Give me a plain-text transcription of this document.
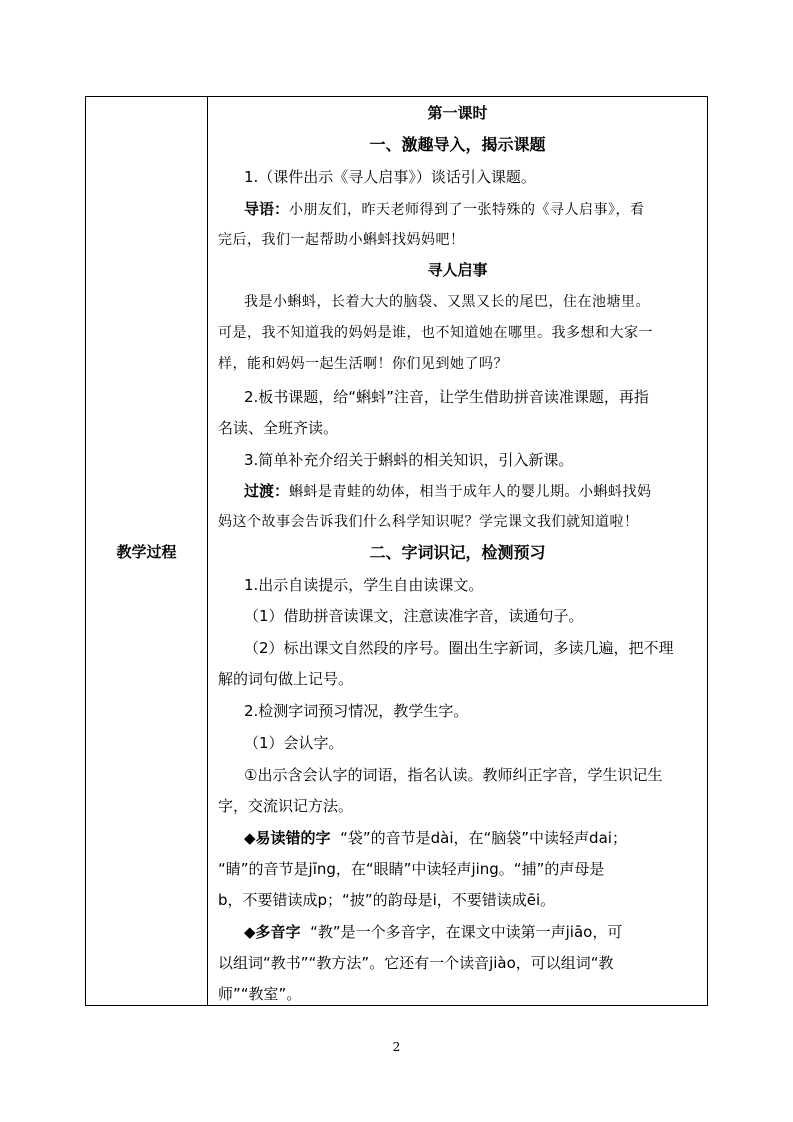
教学过程
第一课时
一、激趣导入，揭示课题
1.（课件出示《寻人启事》）谈话引入课题。
导语：小朋友们，昨天老师得到了一张特殊的《寻人启事》，看
完后，我们一起帮助小蝌蚪找妈妈吧！
寻人启事
我是小蝌蚪，长着大大的脑袋、又黑又长的尾巴，住在池塘里。
可是，我不知道我的妈妈是谁，也不知道她在哪里。我多想和大家一
样，能和妈妈一起生活啊！你们见到她了吗？
2.板书课题，给“蝌蚪”注音，让学生借助拼音读准课题，再指
名读、全班齐读。
3.简单补充介绍关于蝌蚪的相关知识，引入新课。
过渡：蝌蚪是青蛙的幼体，相当于成年人的婴儿期。小蝌蚪找妈
妈这个故事会告诉我们什么科学知识呢？学完课文我们就知道啦！
二、字词识记，检测预习
1.出示自读提示，学生自由读课文。
（1）借助拼音读课文，注意读准字音，读通句子。
（2）标出课文自然段的序号。圈出生字新词，多读几遍，把不理
解的词句做上记号。
2.检测字词预习情况，教学生字。
（1）会认字。
①出示含会认字的词语，指名认读。教师纠正字音，学生识记生
字，交流识记方法。
◆易读错的字 “袋”的音节是dài，在“脑袋”中读轻声dai；
“睛”的音节是jīng，在“眼睛”中读轻声jing。“捕”的声母是
b，不要错读成p；“披”的韵母是i，不要错读成ēi。
◆多音字 “教”是一个多音字，在课文中读第一声jiāo，可
以组词“教书”“教方法”。它还有一个读音jiào，可以组词“教
师”“教室”。
2
